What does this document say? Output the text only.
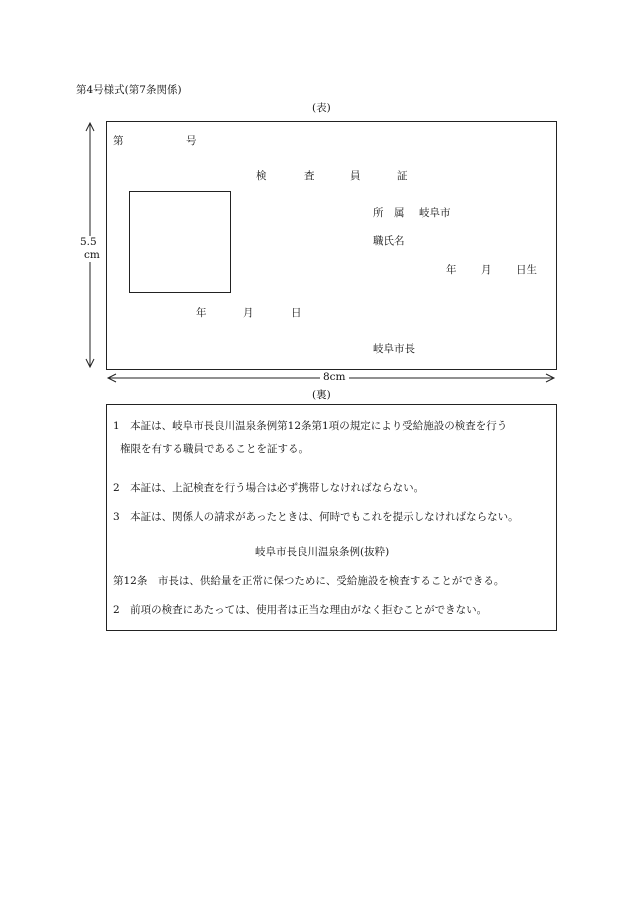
第4号様式(第7条関係)
(表)
5.5
cm
8cm
第	号
検	査	員	証
所　属 岐阜市
職氏名
年 月 日生
年	月	日
岐阜市長
(裏)
1　本証は、岐阜市長良川温泉条例第12条第1項の規定により受給施設の検査を行う
権限を有する職員であることを証する。
2　本証は、上記検査を行う場合は必ず携帯しなければならない。
3　本証は、関係人の請求があったときは、何時でもこれを提示しなければならない。
岐阜市長良川温泉条例(抜粋)
第12条　市長は、供給量を正常に保つために、受給施設を検査することができる。
2　前項の検査にあたっては、使用者は正当な理由がなく拒むことができない。
